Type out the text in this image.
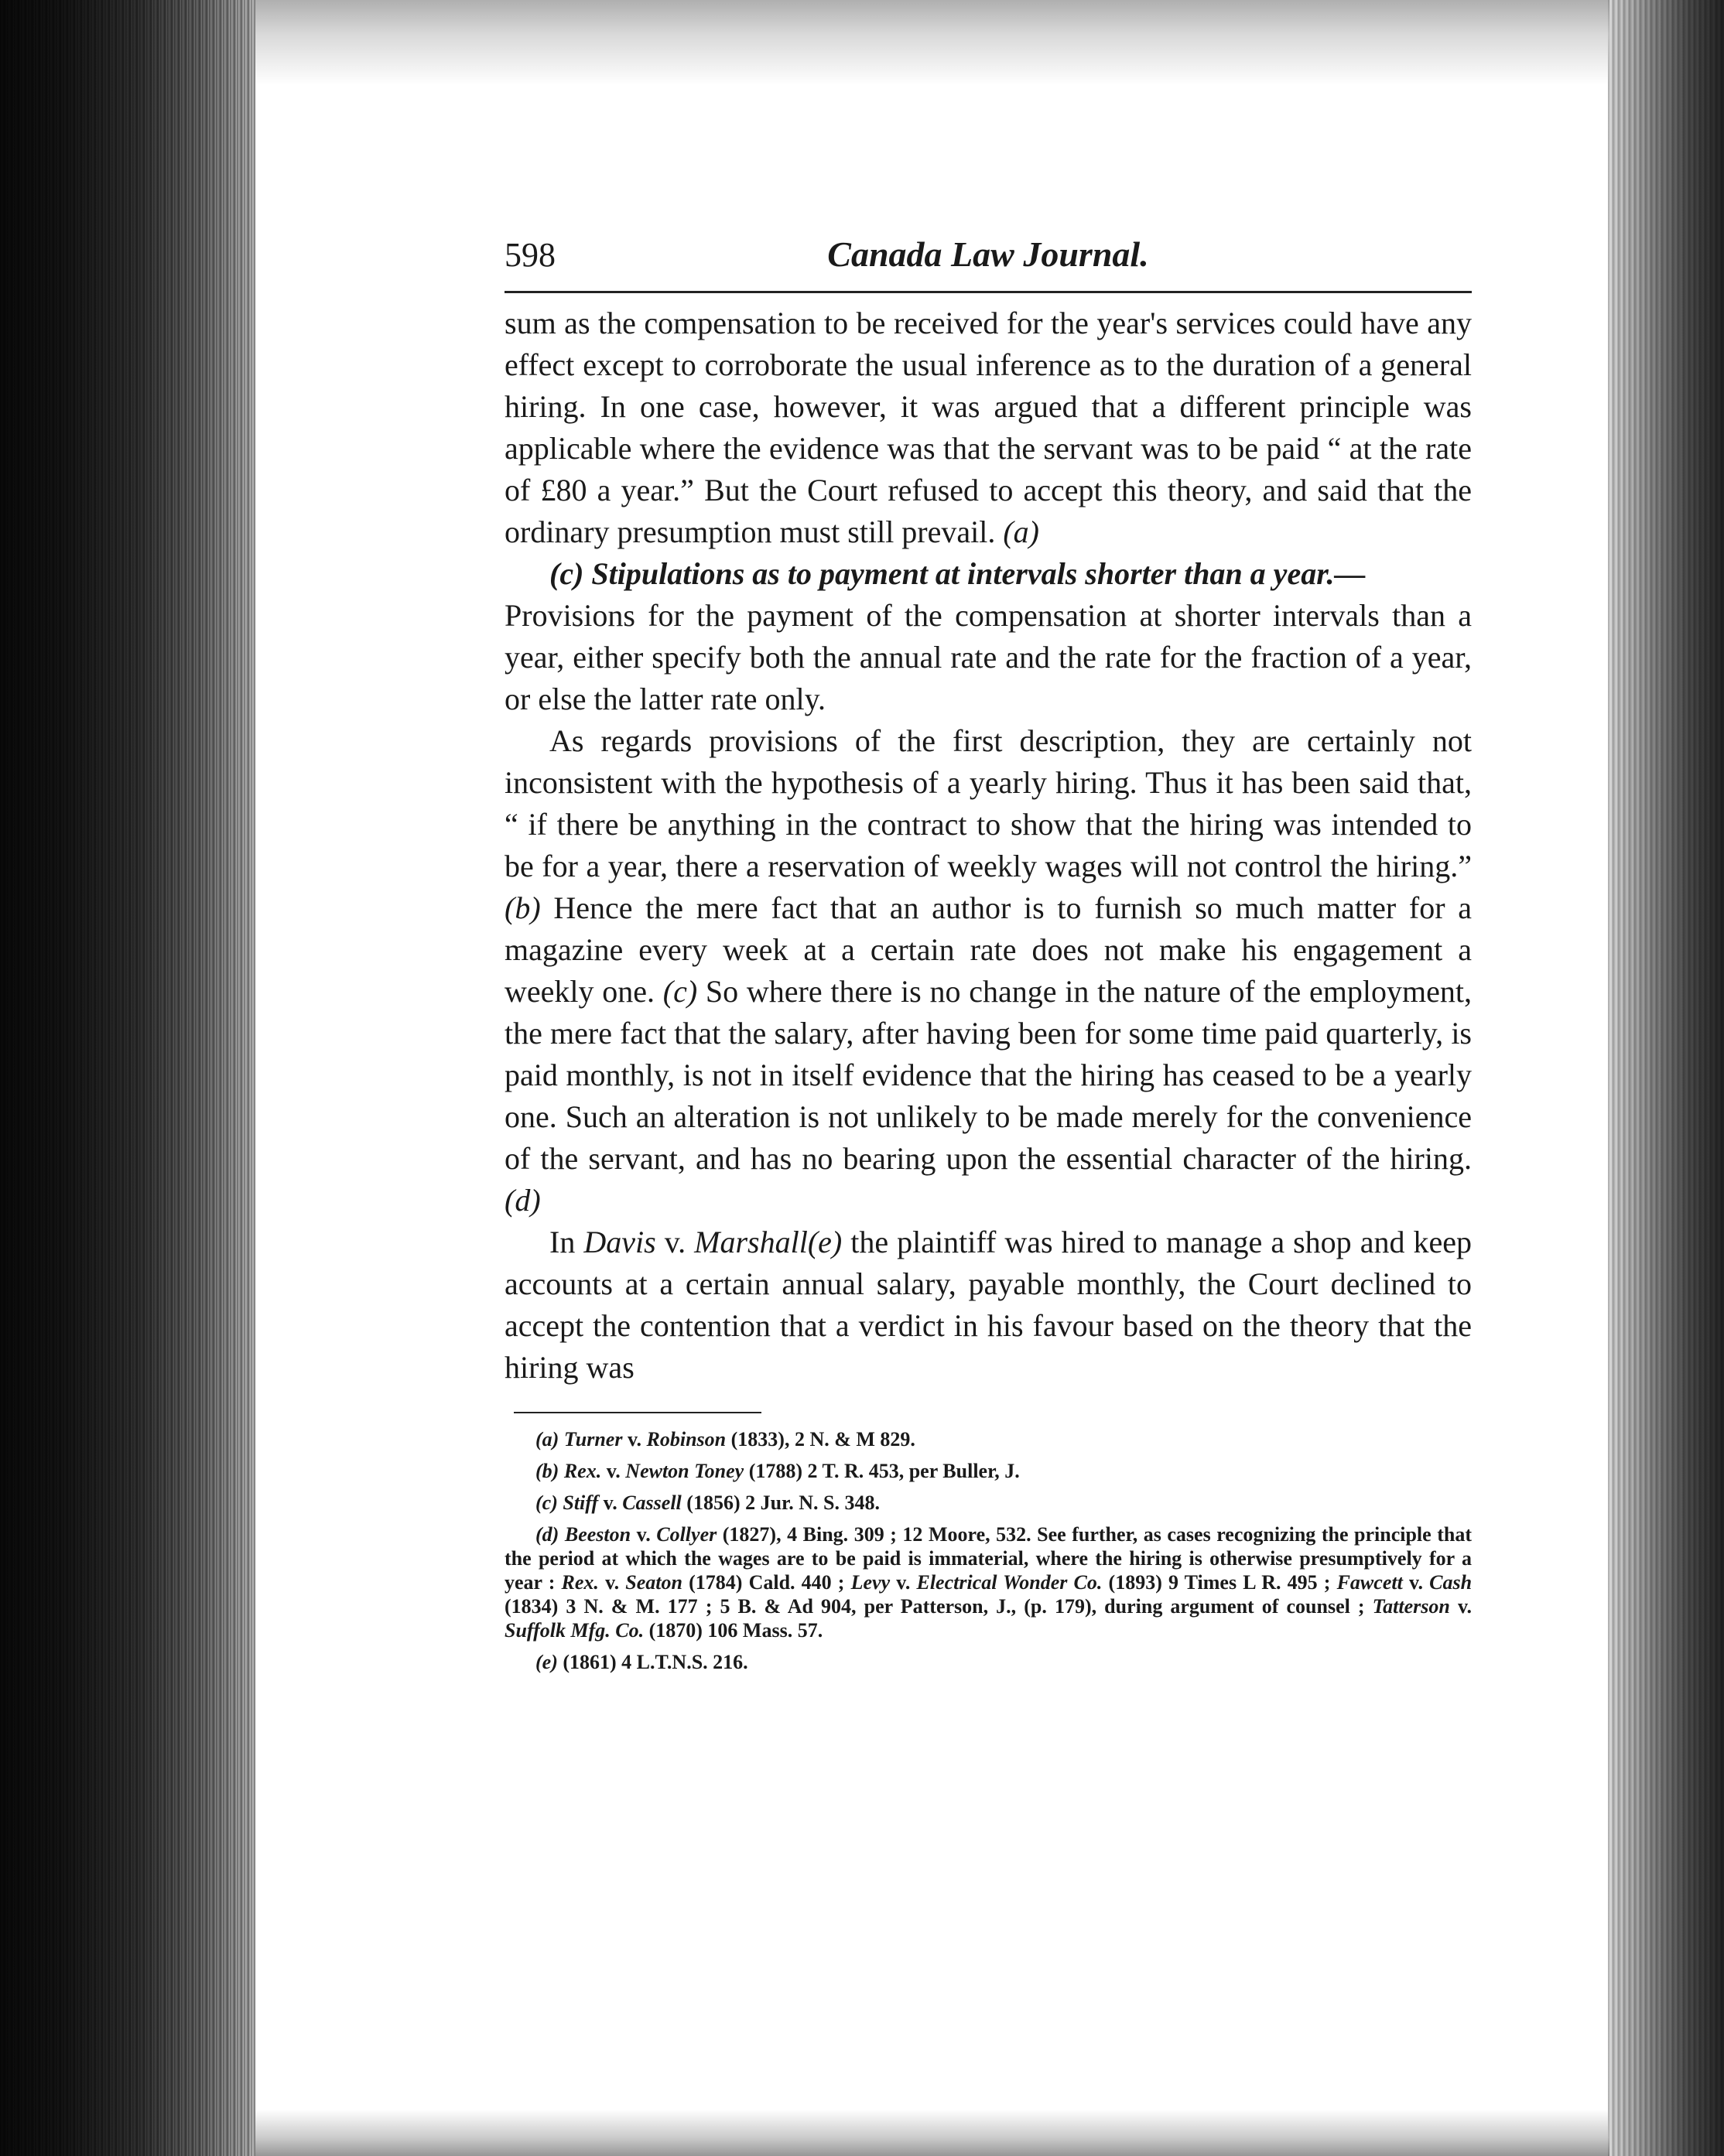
598	Canada Law Journal.

sum as the compensation to be received for the year's services could have any effect except to corroborate the usual inference as to the duration of a general hiring. In one case, however, it was argued that a different principle was applicable where the evidence was that the servant was to be paid “ at the rate of £80 a year.” But the Court refused to accept this theory, and said that the ordinary presumption must still prevail. (a)

(c) Stipulations as to payment at intervals shorter than a year.—

Provisions for the payment of the compensation at shorter intervals than a year, either specify both the annual rate and the rate for the fraction of a year, or else the latter rate only.

As regards provisions of the first description, they are certainly not inconsistent with the hypothesis of a yearly hiring. Thus it has been said that, “ if there be anything in the contract to show that the hiring was intended to be for a year, there a reservation of weekly wages will not control the hiring.” (b) Hence the mere fact that an author is to furnish so much matter for a magazine every week at a certain rate does not make his engagement a weekly one. (c) So where there is no change in the nature of the employment, the mere fact that the salary, after having been for some time paid quarterly, is paid monthly, is not in itself evidence that the hiring has ceased to be a yearly one. Such an alteration is not unlikely to be made merely for the convenience of the servant, and has no bearing upon the essential character of the hiring. (d)

In Davis v. Marshall(e) the plaintiff was hired to manage a shop and keep accounts at a certain annual salary, payable monthly, the Court declined to accept the contention that a verdict in his favour based on the theory that the hiring was

(a) Turner v. Robinson (1833), 2 N. & M 829.

(b) Rex. v. Newton Toney (1788) 2 T. R. 453, per Buller, J.

(c) Stiff v. Cassell (1856) 2 Jur. N. S. 348.

(d) Beeston v. Collyer (1827), 4 Bing. 309 ; 12 Moore, 532. See further, as cases recognizing the principle that the period at which the wages are to be paid is immaterial, where the hiring is otherwise presumptively for a year : Rex. v. Seaton (1784) Cald. 440 ; Levy v. Electrical Wonder Co. (1893) 9 Times L R. 495 ; Fawcett v. Cash (1834) 3 N. & M. 177 ; 5 B. & Ad 904, per Patterson, J., (p. 179), during argument of counsel ; Tatterson v. Suffolk Mfg. Co. (1870) 106 Mass. 57.

(e) (1861) 4 L.T.N.S. 216.
